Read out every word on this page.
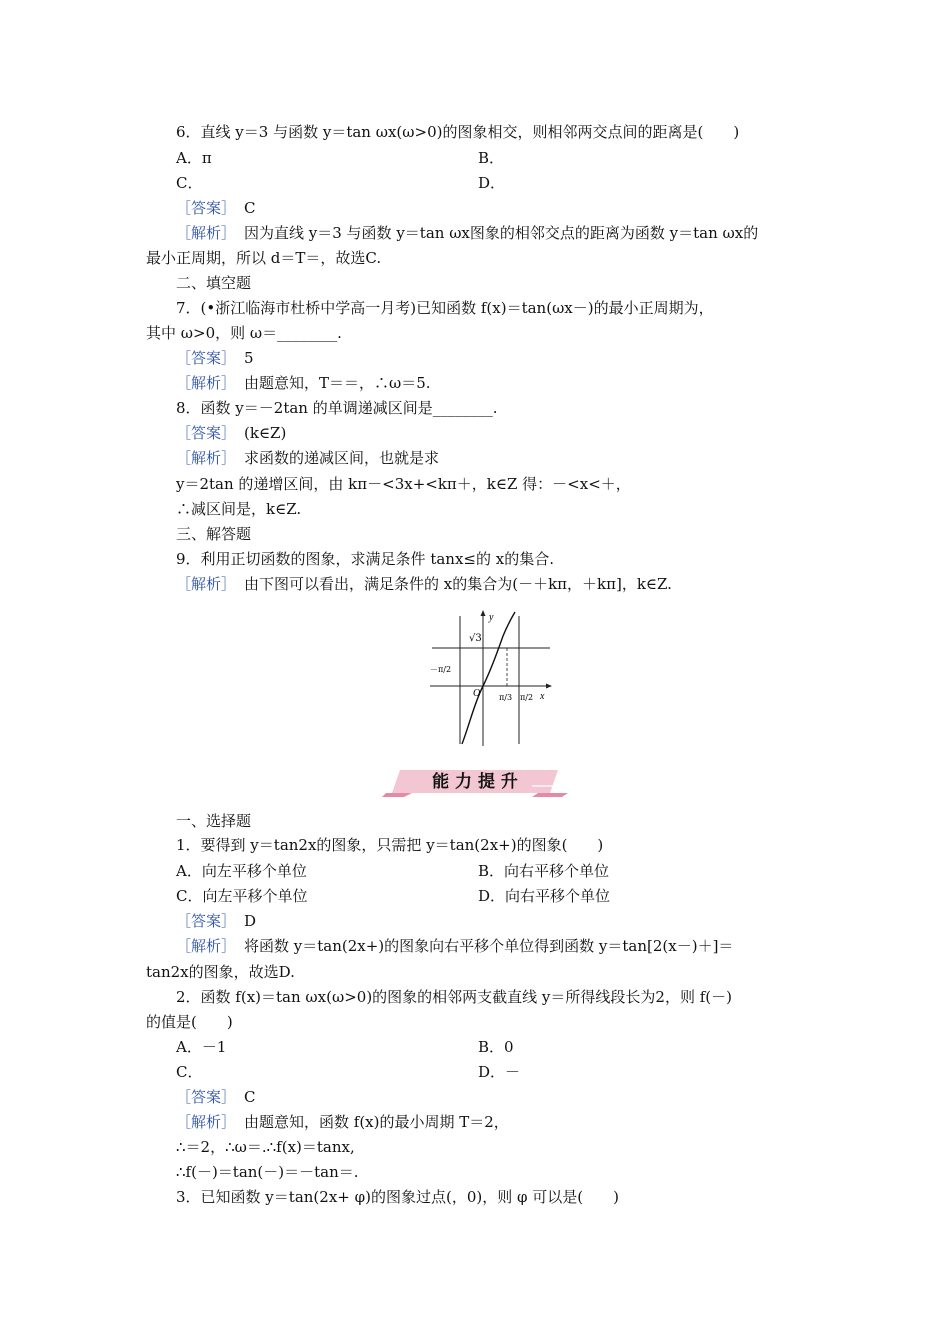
6．直线 y＝3 与函数 y＝tan ωx(ω>0)的图象相交，则相邻两交点间的距离是(　　)
A．π	B．
C．	D．
［答案］ C
［解析］ 因为直线 y＝3 与函数 y＝tan ωx图象的相邻交点的距离为函数 y＝tan ωx的
最小正周期，所以 d＝T＝，故选C.
二、填空题
7．(•浙江临海市杜桥中学高一月考)已知函数 f(x)＝tan(ωx－)的最小正周期为，
其中 ω>0，则 ω＝________.
［答案］ 5
［解析］ 由题意知，T＝＝，∴ω＝5.
8．函数 y＝－2tan 的单调递减区间是________.
［答案］ (k∈Z)
［解析］ 求函数的递减区间，也就是求
y＝2tan 的递增区间，由 kπ－<3x+<kπ＋，k∈Z 得：－<x<＋，
∴减区间是，k∈Z.
三、解答题
9．利用正切函数的图象，求满足条件 tanx≤的 x的集合.
［解析］ 由下图可以看出，满足条件的 x的集合为(－＋kπ，＋kπ]，k∈Z.
y
x
O
√3
－π/2
π/3 π/2
能 力 提 升
一、选择题
1．要得到 y＝tan2x的图象，只需把 y＝tan(2x+)的图象(　　)
A．向左平移个单位	B．向右平移个单位
C．向左平移个单位	D．向右平移个单位
［答案］ D
［解析］ 将函数 y＝tan(2x+)的图象向右平移个单位得到函数 y＝tan[2(x－)＋]＝
tan2x的图象，故选D.
2．函数 f(x)＝tan ωx(ω>0)的图象的相邻两支截直线 y＝所得线段长为2，则 f(－)
的值是(　　)
A．－1	B．0
C．	D．－
［答案］ C
［解析］ 由题意知，函数 f(x)的最小周期 T＝2，
∴＝2，∴ω＝.∴f(x)＝tanx,
∴f(－)＝tan(－)＝－tan＝.
3．已知函数 y＝tan(2x+ φ)的图象过点(，0)，则 φ 可以是(　　)
